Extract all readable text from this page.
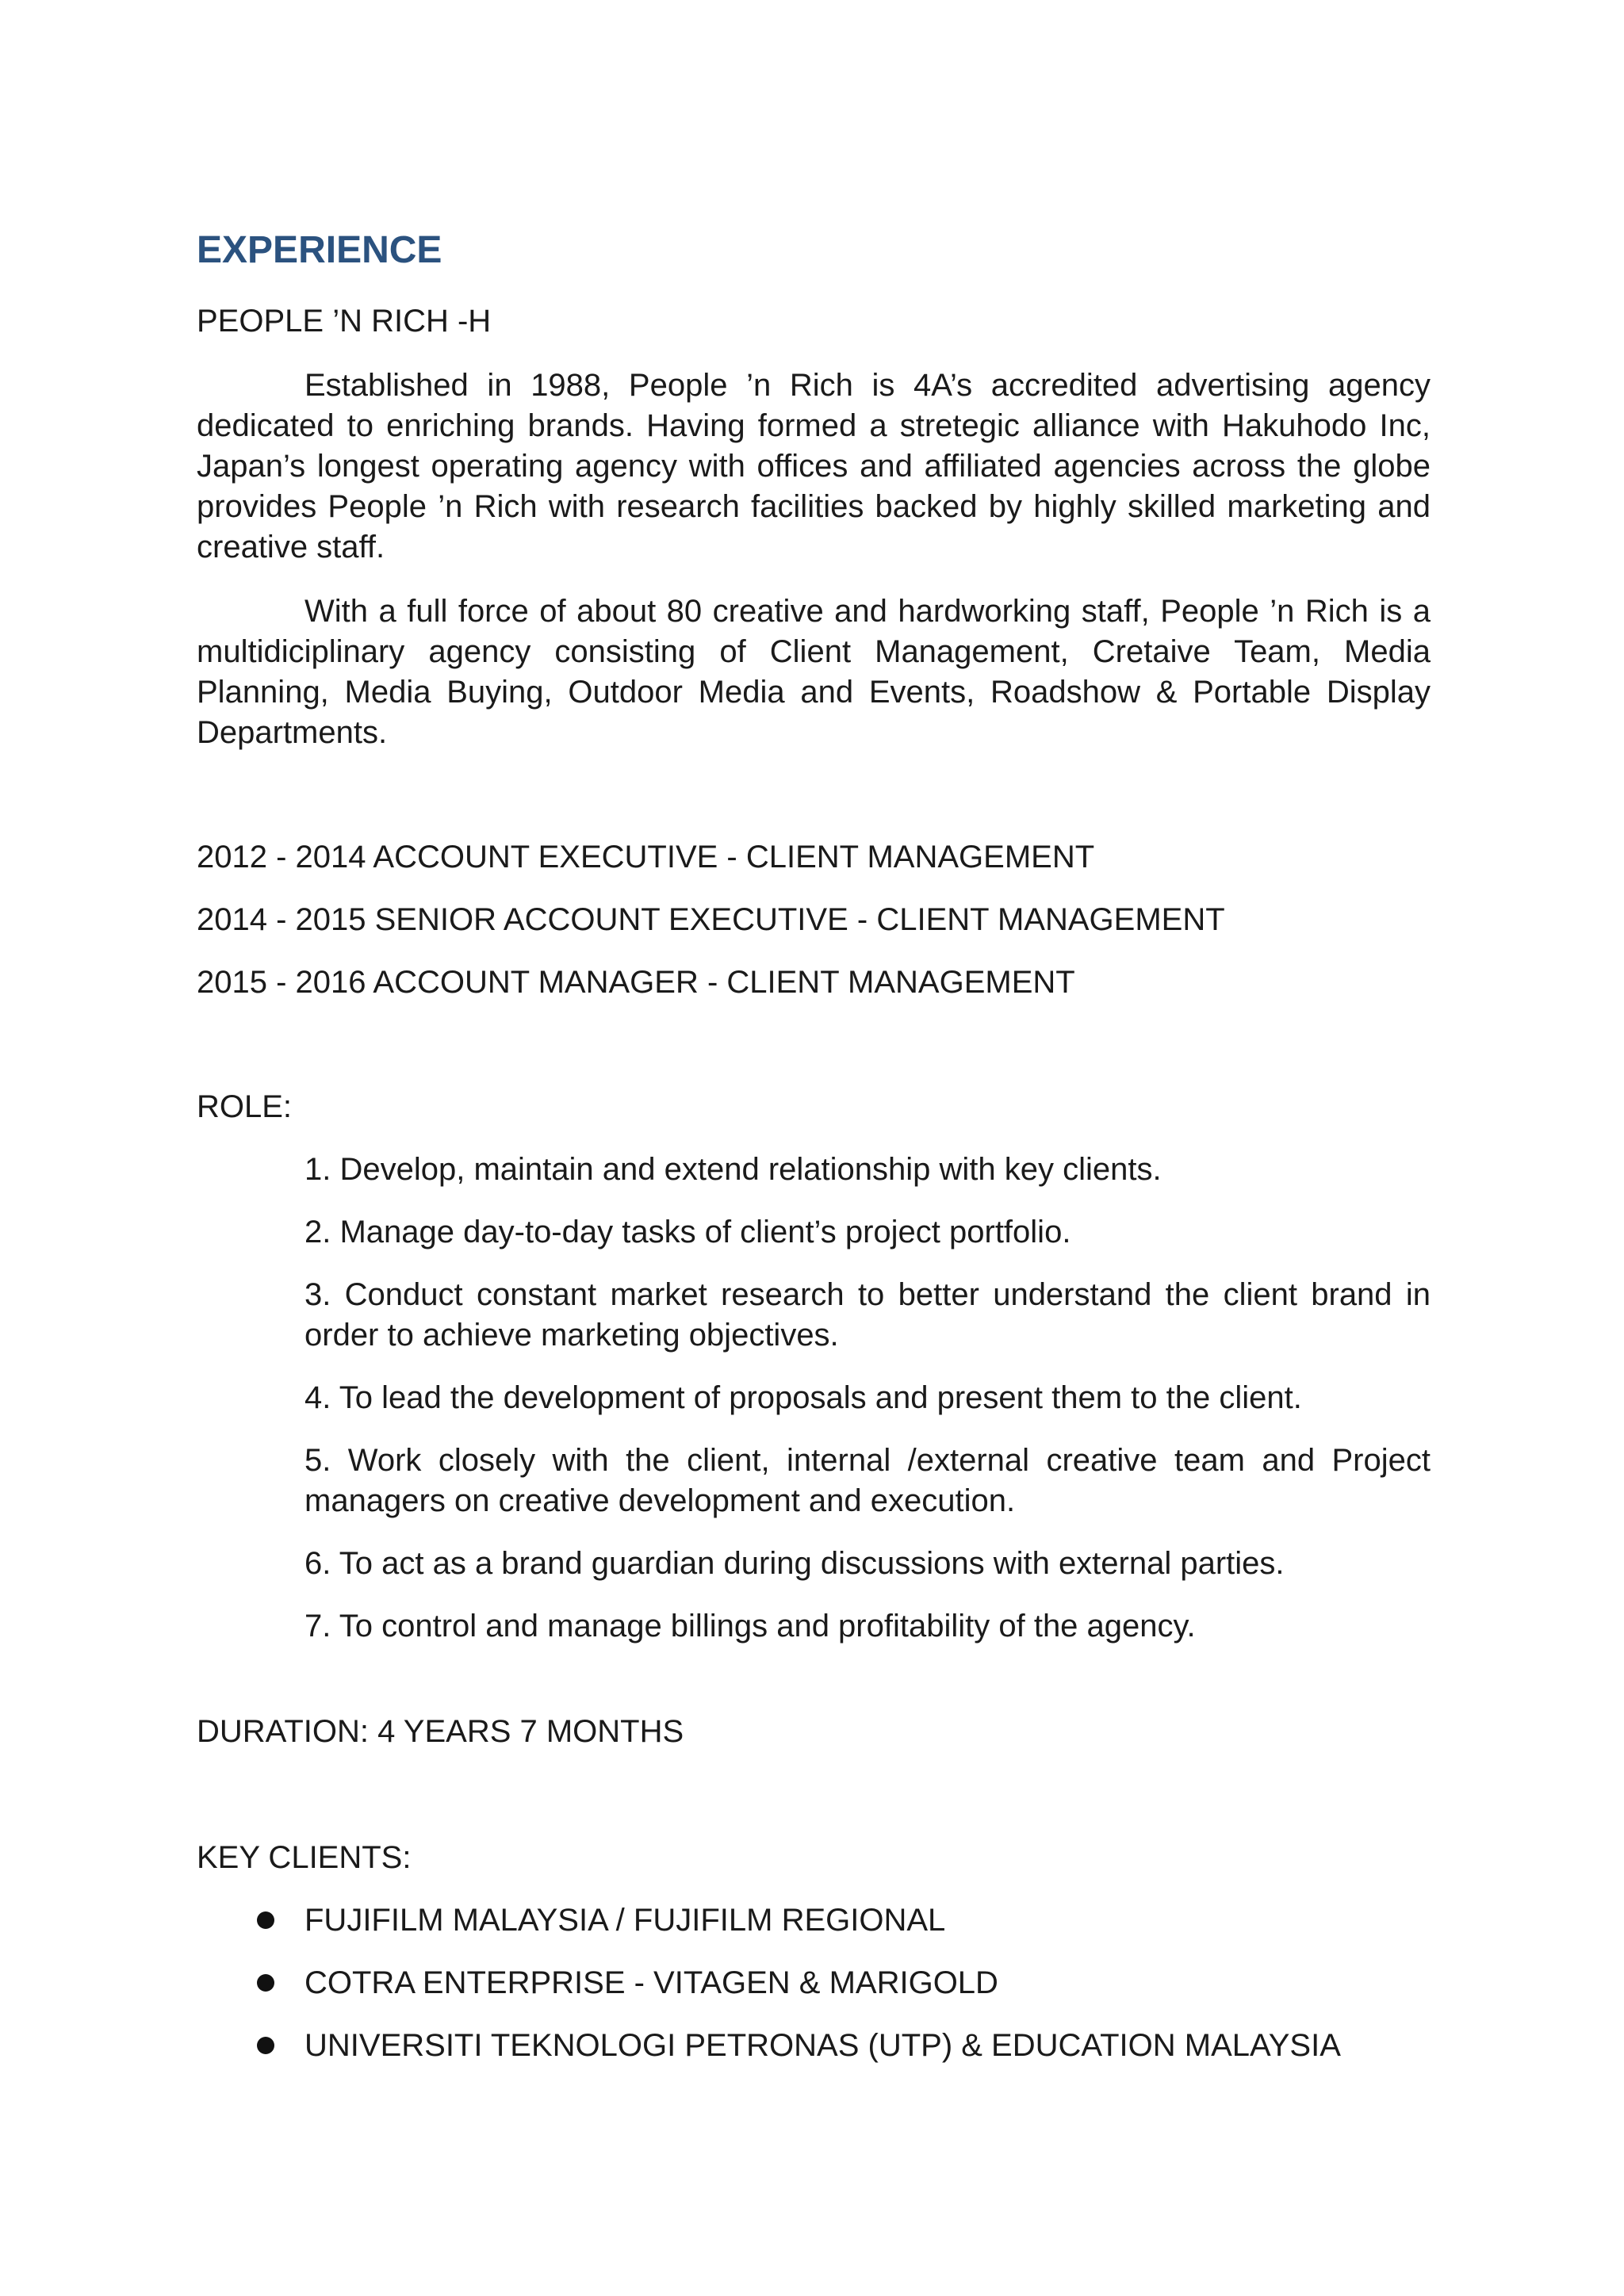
EXPERIENCE
PEOPLE ’N RICH -H

Established in 1988, People ’n Rich is 4A’s accredited advertising agency dedicated to enriching brands. Having formed a stretegic alliance with Hakuhodo Inc, Japan’s longest operating agency with offices and affiliated agencies across the globe provides People ’n Rich with research facilities backed by highly skilled marketing and creative staff.

With a full force of about 80 creative and hardworking staff, People ’n Rich is a multidiciplinary agency consisting of Client Management, Cretaive Team, Media Planning, Media Buying, Outdoor Media and Events, Roadshow & Portable Display Departments.

2012 - 2014 ACCOUNT EXECUTIVE - CLIENT MANAGEMENT
2014 - 2015 SENIOR ACCOUNT EXECUTIVE - CLIENT MANAGEMENT
2015 - 2016 ACCOUNT MANAGER - CLIENT MANAGEMENT
ROLE:
1. Develop, maintain and extend relationship with key clients.
2. Manage day-to-day tasks of client’s project portfolio.
3. Conduct constant market research to better understand the client brand in order to achieve marketing objectives.
4. To lead the development of proposals and present them to the client.
5. Work closely with the client, internal /external creative team and Project managers on creative development and execution.
6. To act as a brand guardian during discussions with external parties.
7. To control and manage billings and profitability of the agency.
DURATION: 4 YEARS 7 MONTHS
KEY CLIENTS:
FUJIFILM MALAYSIA / FUJIFILM REGIONAL
COTRA ENTERPRISE - VITAGEN & MARIGOLD
UNIVERSITI TEKNOLOGI PETRONAS (UTP) & EDUCATION MALAYSIA
